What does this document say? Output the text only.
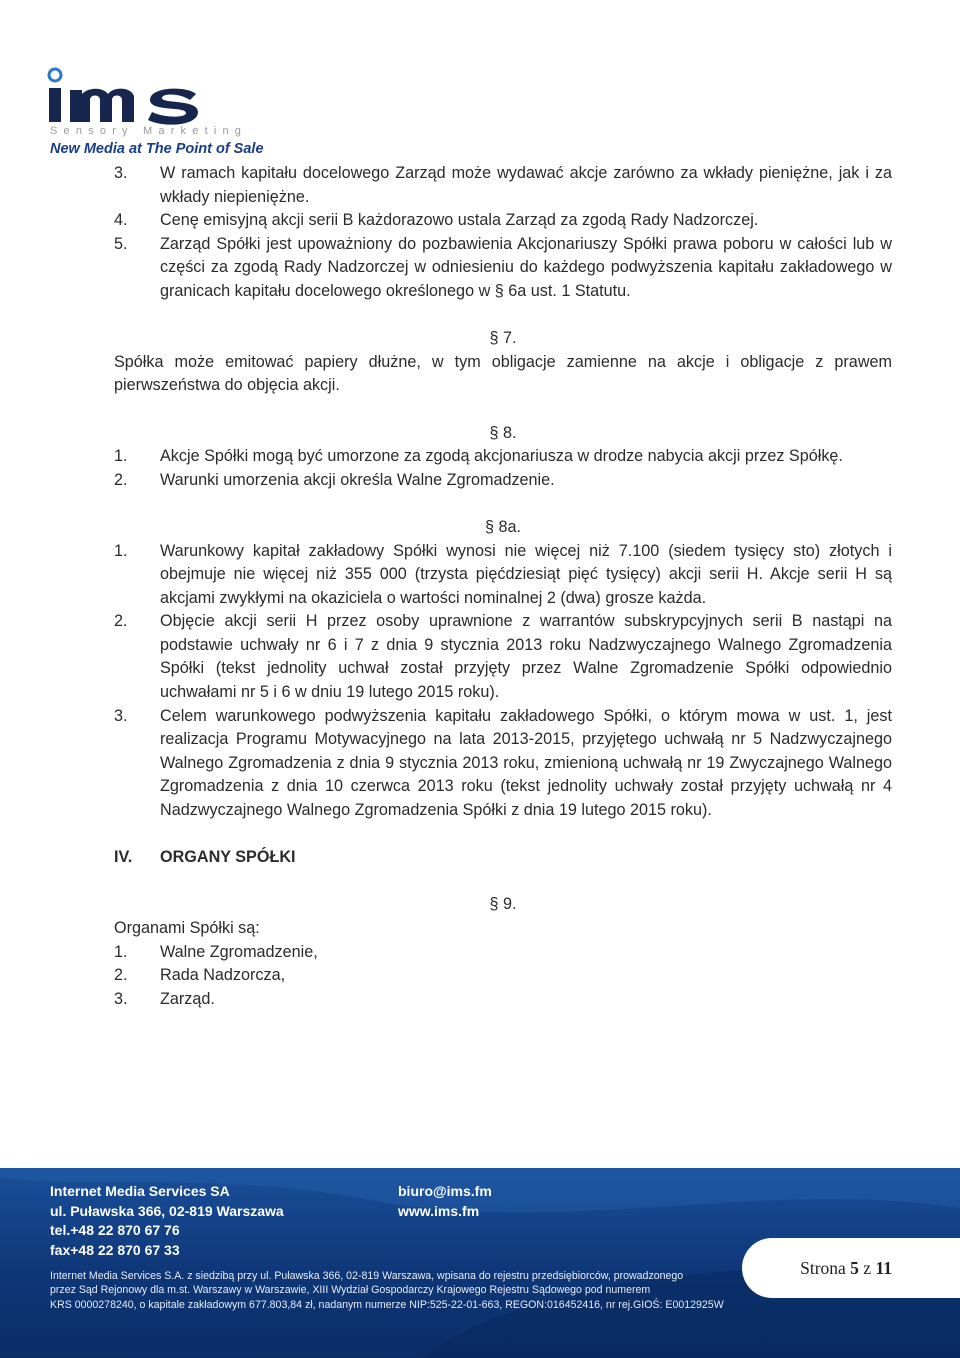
Sensory Marketing
New Media at The Point of Sale
3. W ramach kapitału docelowego Zarząd może wydawać akcje zarówno za wkłady pieniężne, jak i za wkłady niepieniężne.
4. Cenę emisyjną akcji serii B każdorazowo ustala Zarząd za zgodą Rady Nadzorczej.
5. Zarząd Spółki jest upoważniony do pozbawienia Akcjonariuszy Spółki prawa poboru w całości lub w części za zgodą Rady Nadzorczej w odniesieniu do każdego podwyższenia kapitału zakładowego w granicach kapitału docelowego określonego w § 6a ust. 1 Statutu.
§ 7.
Spółka może emitować papiery dłużne, w tym obligacje zamienne na akcje i obligacje z prawem pierwszeństwa do objęcia akcji.
§ 8.
1. Akcje Spółki mogą być umorzone za zgodą akcjonariusza w drodze nabycia akcji przez Spółkę.
2. Warunki umorzenia akcji określa Walne Zgromadzenie.
§ 8a.
1. Warunkowy kapitał zakładowy Spółki wynosi nie więcej niż 7.100 (siedem tysięcy sto) złotych i obejmuje nie więcej niż 355 000 (trzysta pięćdziesiąt pięć tysięcy) akcji serii H. Akcje serii H są akcjami zwykłymi na okaziciela o wartości nominalnej 2 (dwa) grosze każda.
2. Objęcie akcji serii H przez osoby uprawnione z warrantów subskrypcyjnych serii B nastąpi na podstawie uchwały nr 6 i 7 z dnia 9 stycznia 2013 roku Nadzwyczajnego Walnego Zgromadzenia Spółki (tekst jednolity uchwał został przyjęty przez Walne Zgromadzenie Spółki odpowiednio uchwałami nr 5 i 6 w dniu 19 lutego 2015 roku).
3. Celem warunkowego podwyższenia kapitału zakładowego Spółki, o którym mowa w ust. 1, jest realizacja Programu Motywacyjnego na lata 2013-2015, przyjętego uchwałą nr 5 Nadzwyczajnego Walnego Zgromadzenia z dnia 9 stycznia 2013 roku, zmienioną uchwałą nr 19 Zwyczajnego Walnego Zgromadzenia z dnia 10 czerwca 2013 roku (tekst jednolity uchwały został przyjęty uchwałą nr 4 Nadzwyczajnego Walnego Zgromadzenia Spółki z dnia 19 lutego 2015 roku).
IV. ORGANY SPÓŁKI
§ 9.
Organami Spółki są:
1. Walne Zgromadzenie,
2. Rada Nadzorcza,
3. Zarząd.
Internet Media Services SA
ul. Puławska 366, 02-819 Warszawa
tel.+48 22 870 67 76
fax+48 22 870 67 33
biuro@ims.fm
www.ims.fm
Strona 5 z 11
Internet Media Services S.A. z siedzibą przy ul. Puławska 366, 02-819 Warszawa, wpisana do rejestru przedsiębiorców, prowadzonego
przez Sąd Rejonowy dla m.st. Warszawy w Warszawie, XIII Wydział Gospodarczy Krajowego Rejestru Sądowego pod numerem
KRS 0000278240, o kapitale zakładowym 677.803,84 zł, nadanym numerze NIP:525-22-01-663, REGON:016452416, nr rej.GIOŚ: E0012925W
